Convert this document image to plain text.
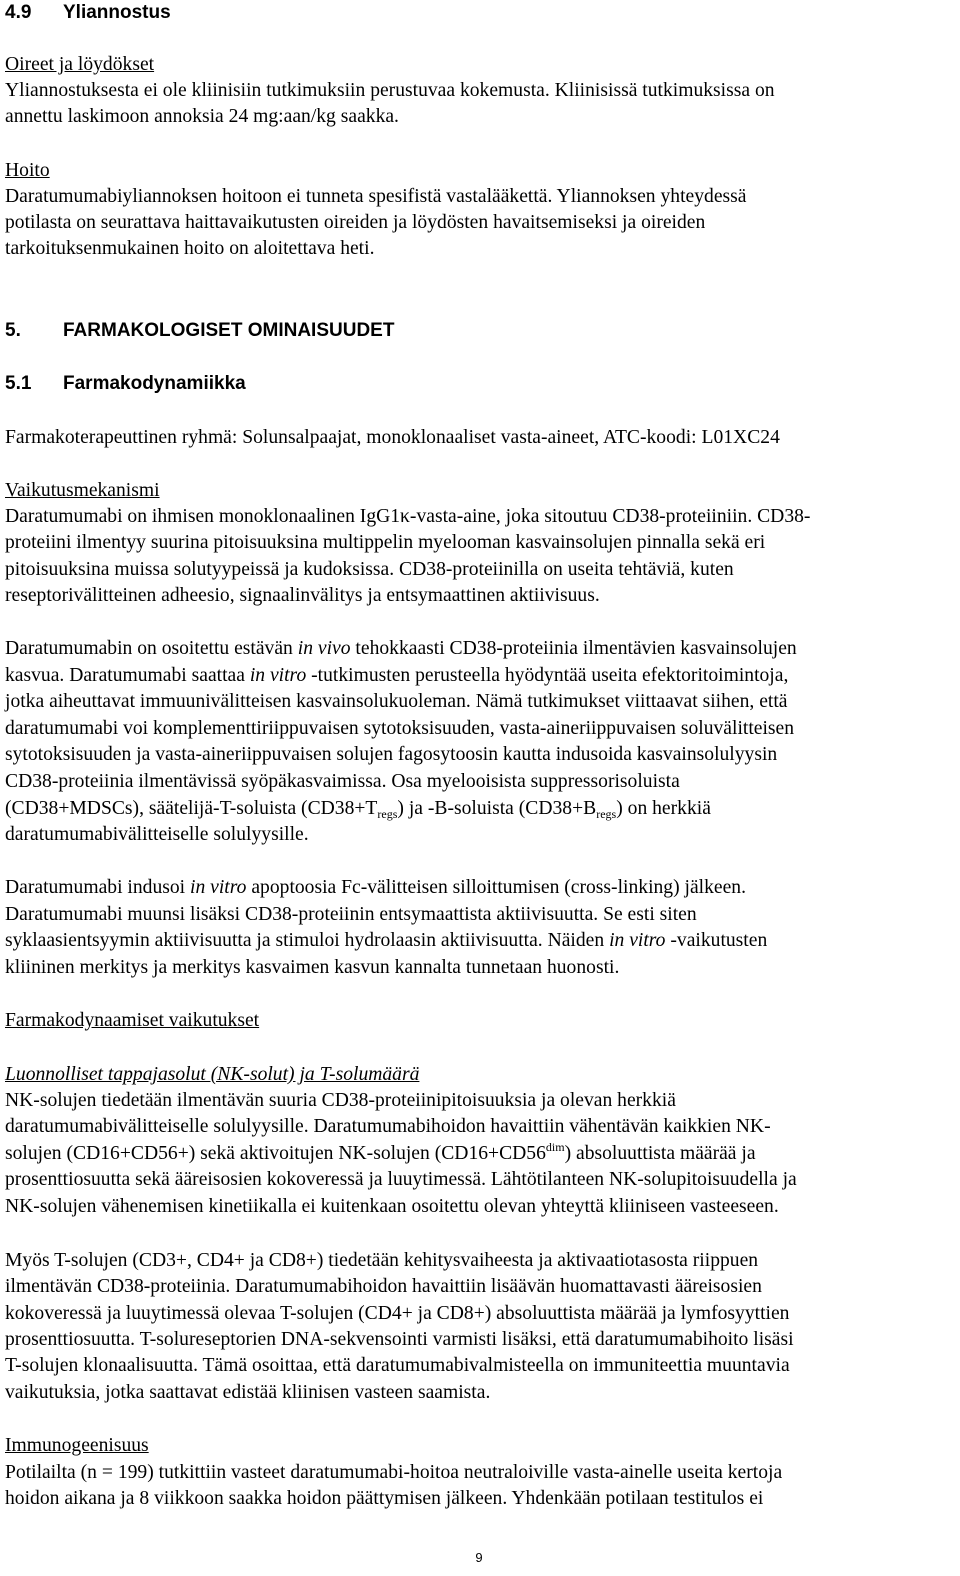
4.9 Yliannostus
Oireet ja löydökset
Yliannostuksesta ei ole kliinisiin tutkimuksiin perustuvaa kokemusta. Kliinisissä tutkimuksissa on
annettu laskimoon annoksia 24 mg:aan/kg saakka.
Hoito
Daratumumabiyliannoksen hoitoon ei tunneta spesifistä vastalääkettä. Yliannoksen yhteydessä
potilasta on seurattava haittavaikutusten oireiden ja löydösten havaitsemiseksi ja oireiden
tarkoituksenmukainen hoito on aloitettava heti.
5. FARMAKOLOGISET OMINAISUUDET
5.1 Farmakodynamiikka
Farmakoterapeuttinen ryhmä: Solunsalpaajat, monoklonaaliset vasta-aineet, ATC-koodi: L01XC24
Vaikutusmekanismi
Daratumumabi on ihmisen monoklonaalinen IgG1κ-vasta-aine, joka sitoutuu CD38-proteiiniin. CD38-
proteiini ilmentyy suurina pitoisuuksina multippelin myelooman kasvainsolujen pinnalla sekä eri
pitoisuuksina muissa solutyypeissä ja kudoksissa. CD38-proteiinilla on useita tehtäviä, kuten
reseptorivälitteinen adheesio, signaalinvälitys ja entsymaattinen aktiivisuus.
Daratumumabin on osoitettu estävän in vivo tehokkaasti CD38-proteiinia ilmentävien kasvainsolujen
kasvua. Daratumumabi saattaa in vitro -tutkimusten perusteella hyödyntää useita efektoritoimintoja,
jotka aiheuttavat immuunivälitteisen kasvainsolukuoleman. Nämä tutkimukset viittaavat siihen, että
daratumumabi voi komplementtiriippuvaisen sytotoksisuuden, vasta-aineriippuvaisen soluvälitteisen
sytotoksisuuden ja vasta-aineriippuvaisen solujen fagosytoosin kautta indusoida kasvainsolulyysin
CD38-proteiinia ilmentävissä syöpäkasvaimissa. Osa myelooisista suppressorisoluista
(CD38+MDSCs), säätelijä-T-soluista $(CD38+T_{regs})$ ja -B-soluista $(CD38+B_{regs})$ on herkkiä
daratumumabivälitteiselle solulyysille.
Daratumumabi indusoi in vitro apoptoosia Fc-välitteisen silloittumisen (cross-linking) jälkeen.
Daratumumabi muunsi lisäksi CD38-proteiinin entsymaattista aktiivisuutta. Se esti siten
syklaasientsyymin aktiivisuutta ja stimuloi hydrolaasin aktiivisuutta. Näiden in vitro -vaikutusten
kliininen merkitys ja merkitys kasvaimen kasvun kannalta tunnetaan huonosti.
Farmakodynaamiset vaikutukset
Luonnolliset tappajasolut (NK-solut) ja T-solumäärä
NK-solujen tiedetään ilmentävän suuria CD38-proteiinipitoisuuksia ja olevan herkkiä
daratumumabivälitteiselle solulyysille. Daratumumabihoidon havaittiin vähentävän kaikkien NK-
solujen (CD16+CD56+) sekä aktivoitujen NK-solujen $(CD16+CD56^{dim})$ absoluuttista määrää ja
prosenttiosuutta sekä ääreisosien kokoveressä ja luuytimessä. Lähtötilanteen NK-solupitoisuudella ja
NK-solujen vähenemisen kinetiikalla ei kuitenkaan osoitettu olevan yhteyttä kliiniseen vasteeseen.
Myös T-solujen (CD3+, CD4+ ja CD8+) tiedetään kehitysvaiheesta ja aktivaatiotasosta riippuen
ilmentävän CD38-proteiinia. Daratumumabihoidon havaittiin lisäävän huomattavasti ääreisosien
kokoveressä ja luuytimessä olevaa T-solujen (CD4+ ja CD8+) absoluuttista määrää ja lymfosyyttien
prosenttiosuutta. T-solureseptorien DNA-sekvensointi varmisti lisäksi, että daratumumabihoito lisäsi
T-solujen klonaalisuutta. Tämä osoittaa, että daratumumabivalmisteella on immuniteettia muuntavia
vaikutuksia, jotka saattavat edistää kliinisen vasteen saamista.
Immunogeenisuus
Potilailta (n = 199) tutkittiin vasteet daratumumabi-hoitoa neutraloiville vasta-ainelle useita kertoja
hoidon aikana ja 8 viikkoon saakka hoidon päättymisen jälkeen. Yhdenkään potilaan testitulos ei
9
